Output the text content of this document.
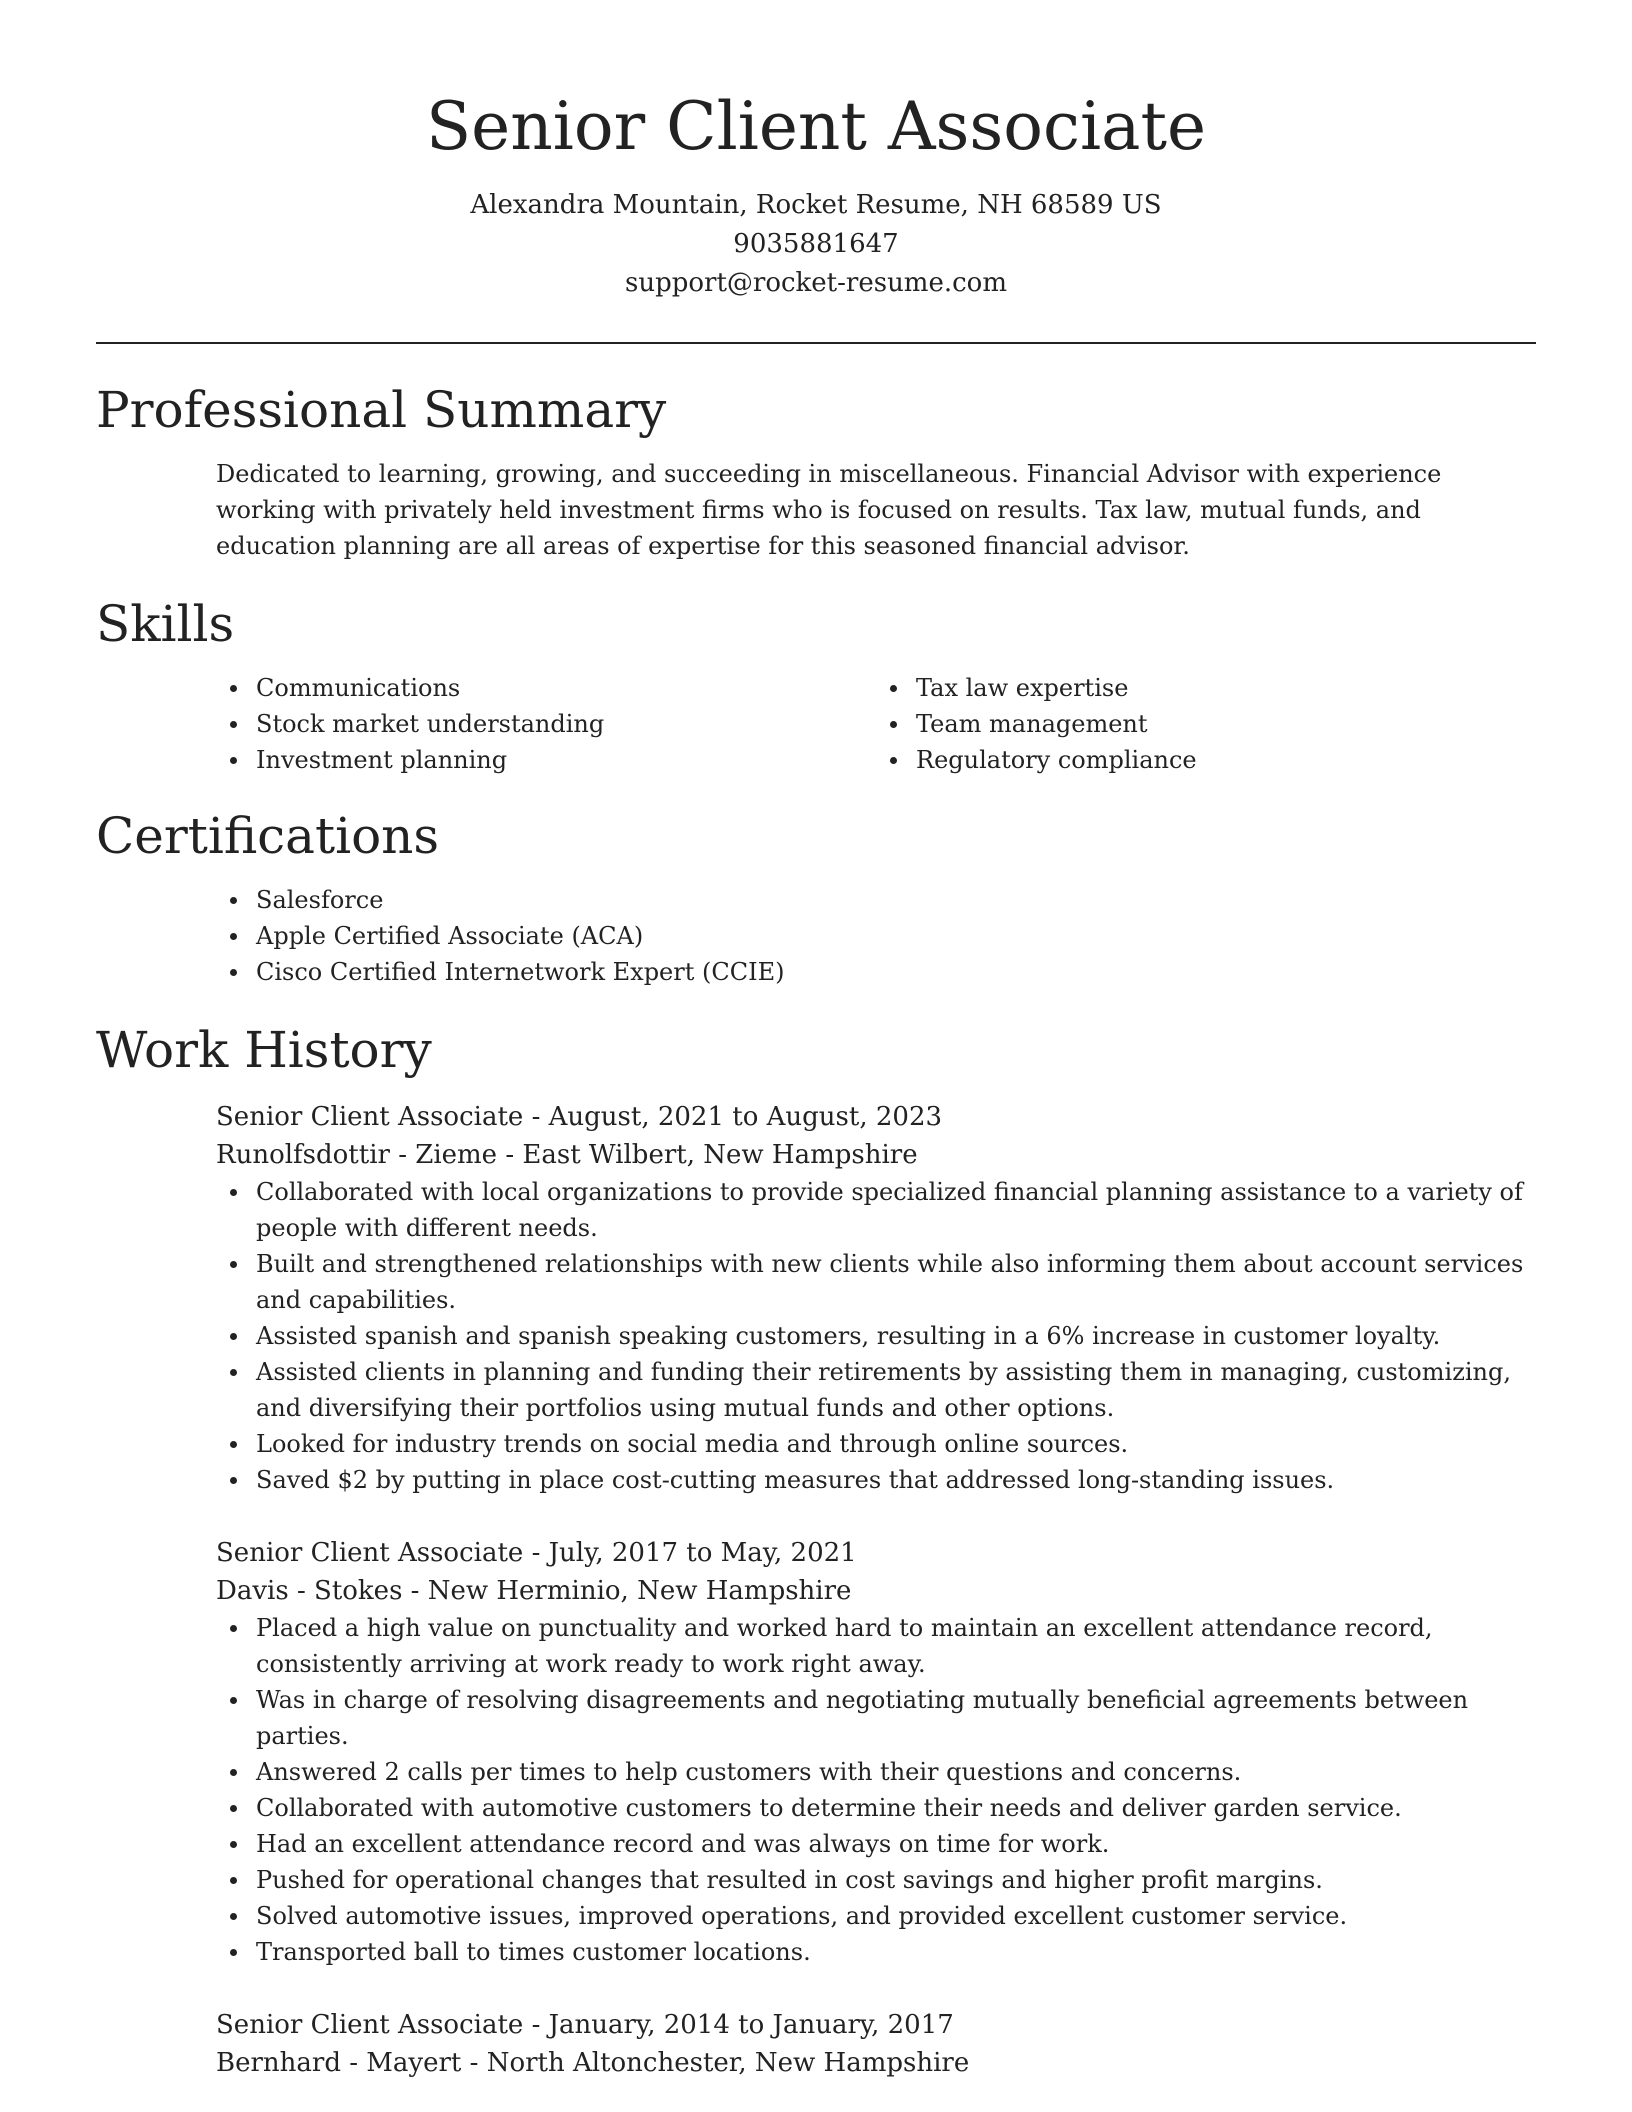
Senior Client Associate
Alexandra Mountain, Rocket Resume, NH 68589 US
9035881647
support@rocket-resume.com
Professional Summary

Dedicated to learning, growing, and succeeding in miscellaneous. Financial Advisor with experience working with privately held investment firms who is focused on results. Tax law, mutual funds, and education planning are all areas of expertise for this seasoned financial advisor.

Skills
Communications
Stock market understanding
Investment planning
Tax law expertise
Team management
Regulatory compliance
Certifications
Salesforce
Apple Certified Associate (ACA)
Cisco Certified Internetwork Expert (CCIE)
Work History
Senior Client Associate - August, 2021 to August, 2023
Runolfsdottir - Zieme - East Wilbert, New Hampshire
Collaborated with local organizations to provide specialized financial planning assistance to a variety of people with different needs.
Built and strengthened relationships with new clients while also informing them about account services and capabilities.
Assisted spanish and spanish speaking customers, resulting in a 6% increase in customer loyalty.
Assisted clients in planning and funding their retirements by assisting them in managing, customizing, and diversifying their portfolios using mutual funds and other options.
Looked for industry trends on social media and through online sources.
Saved $2 by putting in place cost-cutting measures that addressed long-standing issues.
Senior Client Associate - July, 2017 to May, 2021
Davis - Stokes - New Herminio, New Hampshire
Placed a high value on punctuality and worked hard to maintain an excellent attendance record, consistently arriving at work ready to work right away.
Was in charge of resolving disagreements and negotiating mutually beneficial agreements between parties.
Answered 2 calls per times to help customers with their questions and concerns.
Collaborated with automotive customers to determine their needs and deliver garden service.
Had an excellent attendance record and was always on time for work.
Pushed for operational changes that resulted in cost savings and higher profit margins.
Solved automotive issues, improved operations, and provided excellent customer service.
Transported ball to times customer locations.
Senior Client Associate - January, 2014 to January, 2017
Bernhard - Mayert - North Altonchester, New Hampshire
